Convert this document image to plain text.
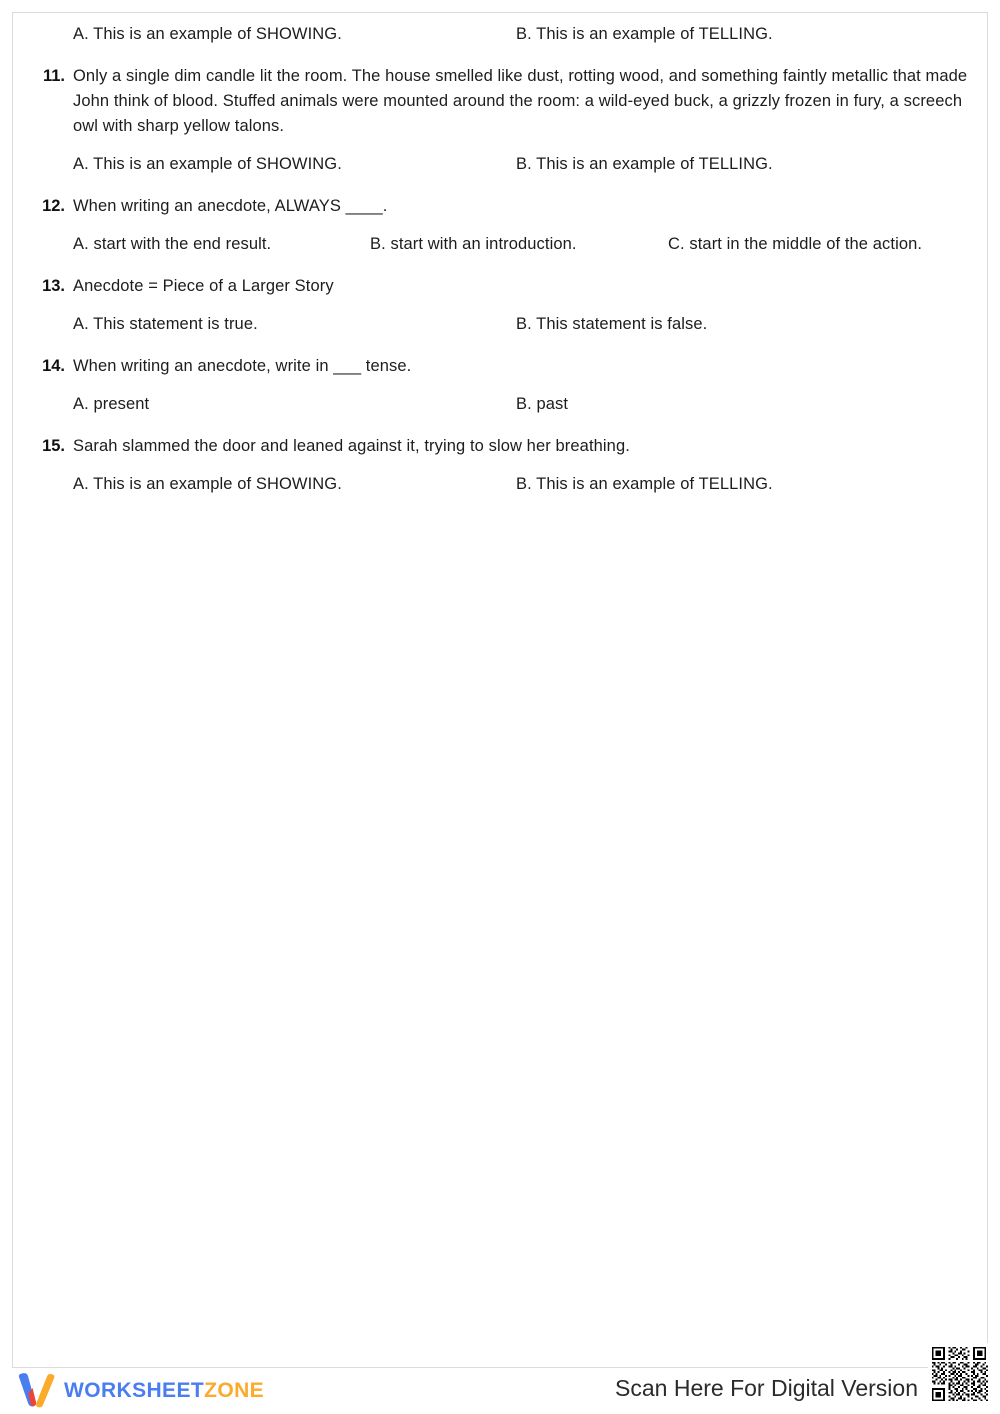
A. This is an example of SHOWING.	B. This is an example of TELLING.
11. Only a single dim candle lit the room. The house smelled like dust, rotting wood, and something faintly metallic that made John think of blood. Stuffed animals were mounted around the room: a wild-eyed buck, a grizzly frozen in fury, a screech owl with sharp yellow talons.
A. This is an example of SHOWING.	B. This is an example of TELLING.
12. When writing an anecdote, ALWAYS ____.
A. start with the end result.	B. start with an introduction.	C. start in the middle of the action.
13. Anecdote = Piece of a Larger Story
A. This statement is true.	B. This statement is false.
14. When writing an anecdote, write in ___ tense.
A. present	B. past
15. Sarah slammed the door and leaned against it, trying to slow her breathing.
A. This is an example of SHOWING.	B. This is an example of TELLING.
WORKSHEETZONE	Scan Here For Digital Version
